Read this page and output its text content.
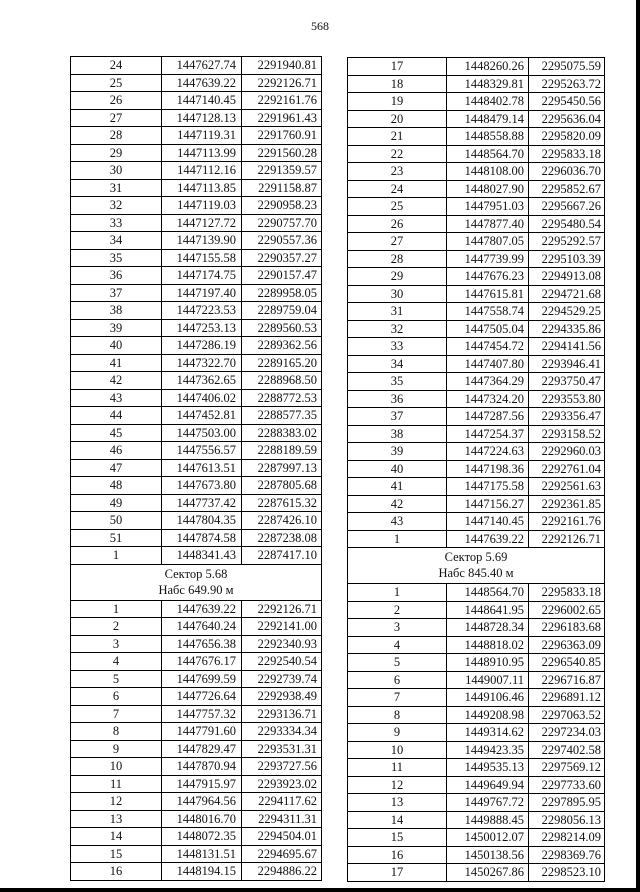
568
24	1447627.74	2291940.81
25	1447639.22	2292126.71
26	1447140.45	2292161.76
27	1447128.13	2291961.43
28	1447119.31	2291760.91
29	1447113.99	2291560.28
30	1447112.16	2291359.57
31	1447113.85	2291158.87
32	1447119.03	2290958.23
33	1447127.72	2290757.70
34	1447139.90	2290557.36
35	1447155.58	2290357.27
36	1447174.75	2290157.47
37	1447197.40	2289958.05
38	1447223.53	2289759.04
39	1447253.13	2289560.53
40	1447286.19	2289362.56
41	1447322.70	2289165.20
42	1447362.65	2288968.50
43	1447406.02	2288772.53
44	1447452.81	2288577.35
45	1447503.00	2288383.02
46	1447556.57	2288189.59
47	1447613.51	2287997.13
48	1447673.80	2287805.68
49	1447737.42	2287615.32
50	1447804.35	2287426.10
51	1447874.58	2287238.08
1	1448341.43	2287417.10
Сектор 5.68
Набс 649.90 м
1	1447639.22	2292126.71
2	1447640.24	2292141.00
3	1447656.38	2292340.93
4	1447676.17	2292540.54
5	1447699.59	2292739.74
6	1447726.64	2292938.49
7	1447757.32	2293136.71
8	1447791.60	2293334.34
9	1447829.47	2293531.31
10	1447870.94	2293727.56
11	1447915.97	2293923.02
12	1447964.56	2294117.62
13	1448016.70	2294311.31
14	1448072.35	2294504.01
15	1448131.51	2294695.67
16	1448194.15	2294886.22
17	1448260.26	2295075.59
18	1448329.81	2295263.72
19	1448402.78	2295450.56
20	1448479.14	2295636.04
21	1448558.88	2295820.09
22	1448564.70	2295833.18
23	1448108.00	2296036.70
24	1448027.90	2295852.67
25	1447951.03	2295667.26
26	1447877.40	2295480.54
27	1447807.05	2295292.57
28	1447739.99	2295103.39
29	1447676.23	2294913.08
30	1447615.81	2294721.68
31	1447558.74	2294529.25
32	1447505.04	2294335.86
33	1447454.72	2294141.56
34	1447407.80	2293946.41
35	1447364.29	2293750.47
36	1447324.20	2293553.80
37	1447287.56	2293356.47
38	1447254.37	2293158.52
39	1447224.63	2292960.03
40	1447198.36	2292761.04
41	1447175.58	2292561.63
42	1447156.27	2292361.85
43	1447140.45	2292161.76
1	1447639.22	2292126.71
Сектор 5.69
Набс 845.40 м
1	1448564.70	2295833.18
2	1448641.95	2296002.65
3	1448728.34	2296183.68
4	1448818.02	2296363.09
5	1448910.95	2296540.85
6	1449007.11	2296716.87
7	1449106.46	2296891.12
8	1449208.98	2297063.52
9	1449314.62	2297234.03
10	1449423.35	2297402.58
11	1449535.13	2297569.12
12	1449649.94	2297733.60
13	1449767.72	2297895.95
14	1449888.45	2298056.13
15	1450012.07	2298214.09
16	1450138.56	2298369.76
17	1450267.86	2298523.10
